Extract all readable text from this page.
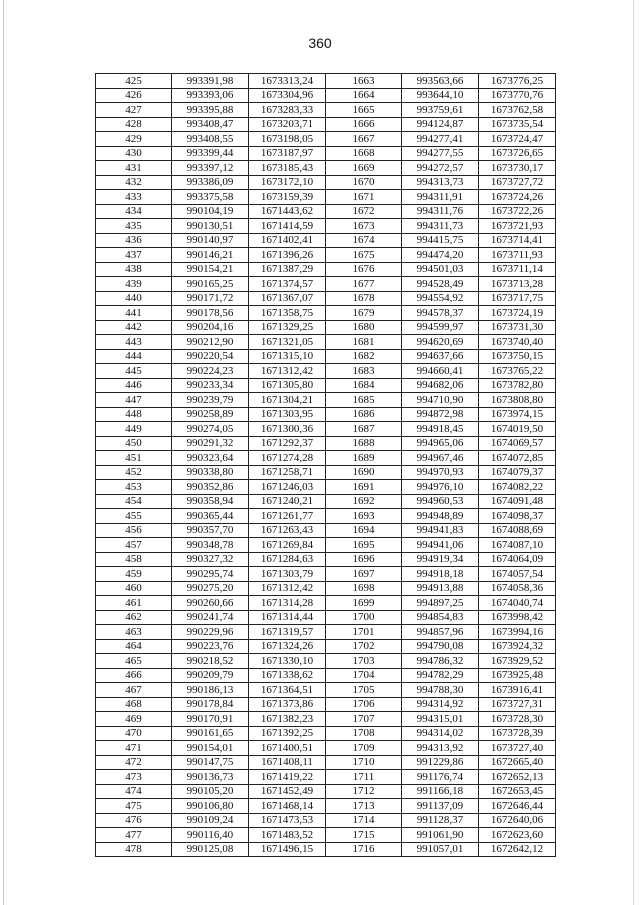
360
425	993391,98	1673313,24	1663	993563,66	1673776,25
426	993393,06	1673304,96	1664	993644,10	1673770,76
427	993395,88	1673283,33	1665	993759,61	1673762,58
428	993408,47	1673203,71	1666	994124,87	1673735,54
429	993408,55	1673198,05	1667	994277,41	1673724,47
430	993399,44	1673187,97	1668	994277,55	1673726,65
431	993397,12	1673185,43	1669	994272,57	1673730,17
432	993386,09	1673172,10	1670	994313,73	1673727,72
433	993375,58	1673159,39	1671	994311,91	1673724,26
434	990104,19	1671443,62	1672	994311,76	1673722,26
435	990130,51	1671414,59	1673	994311,73	1673721,93
436	990140,97	1671402,41	1674	994415,75	1673714,41
437	990146,21	1671396,26	1675	994474,20	1673711,93
438	990154,21	1671387,29	1676	994501,03	1673711,14
439	990165,25	1671374,57	1677	994528,49	1673713,28
440	990171,72	1671367,07	1678	994554,92	1673717,75
441	990178,56	1671358,75	1679	994578,37	1673724,19
442	990204,16	1671329,25	1680	994599,97	1673731,30
443	990212,90	1671321,05	1681	994620,69	1673740,40
444	990220,54	1671315,10	1682	994637,66	1673750,15
445	990224,23	1671312,42	1683	994660,41	1673765,22
446	990233,34	1671305,80	1684	994682,06	1673782,80
447	990239,79	1671304,21	1685	994710,90	1673808,80
448	990258,89	1671303,95	1686	994872,98	1673974,15
449	990274,05	1671300,36	1687	994918,45	1674019,50
450	990291,32	1671292,37	1688	994965,06	1674069,57
451	990323,64	1671274,28	1689	994967,46	1674072,85
452	990338,80	1671258,71	1690	994970,93	1674079,37
453	990352,86	1671246,03	1691	994976,10	1674082,22
454	990358,94	1671240,21	1692	994960,53	1674091,48
455	990365,44	1671261,77	1693	994948,89	1674098,37
456	990357,70	1671263,43	1694	994941,83	1674088,69
457	990348,78	1671269,84	1695	994941,06	1674087,10
458	990327,32	1671284,63	1696	994919,34	1674064,09
459	990295,74	1671303,79	1697	994918,18	1674057,54
460	990275,20	1671312,42	1698	994913,88	1674058,36
461	990260,66	1671314,28	1699	994897,25	1674040,74
462	990241,74	1671314,44	1700	994854,83	1673998,42
463	990229,96	1671319,57	1701	994857,96	1673994,16
464	990223,76	1671324,26	1702	994790,08	1673924,32
465	990218,52	1671330,10	1703	994786,32	1673929,52
466	990209,79	1671338,62	1704	994782,29	1673925,48
467	990186,13	1671364,51	1705	994788,30	1673916,41
468	990178,84	1671373,86	1706	994314,92	1673727,31
469	990170,91	1671382,23	1707	994315,01	1673728,30
470	990161,65	1671392,25	1708	994314,02	1673728,39
471	990154,01	1671400,51	1709	994313,92	1673727,40
472	990147,75	1671408,11	1710	991229,86	1672665,40
473	990136,73	1671419,22	1711	991176,74	1672652,13
474	990105,20	1671452,49	1712	991166,18	1672653,45
475	990106,80	1671468,14	1713	991137,09	1672646,44
476	990109,24	1671473,53	1714	991128,37	1672640,06
477	990116,40	1671483,52	1715	991061,90	1672623,60
478	990125,08	1671496,15	1716	991057,01	1672642,12
